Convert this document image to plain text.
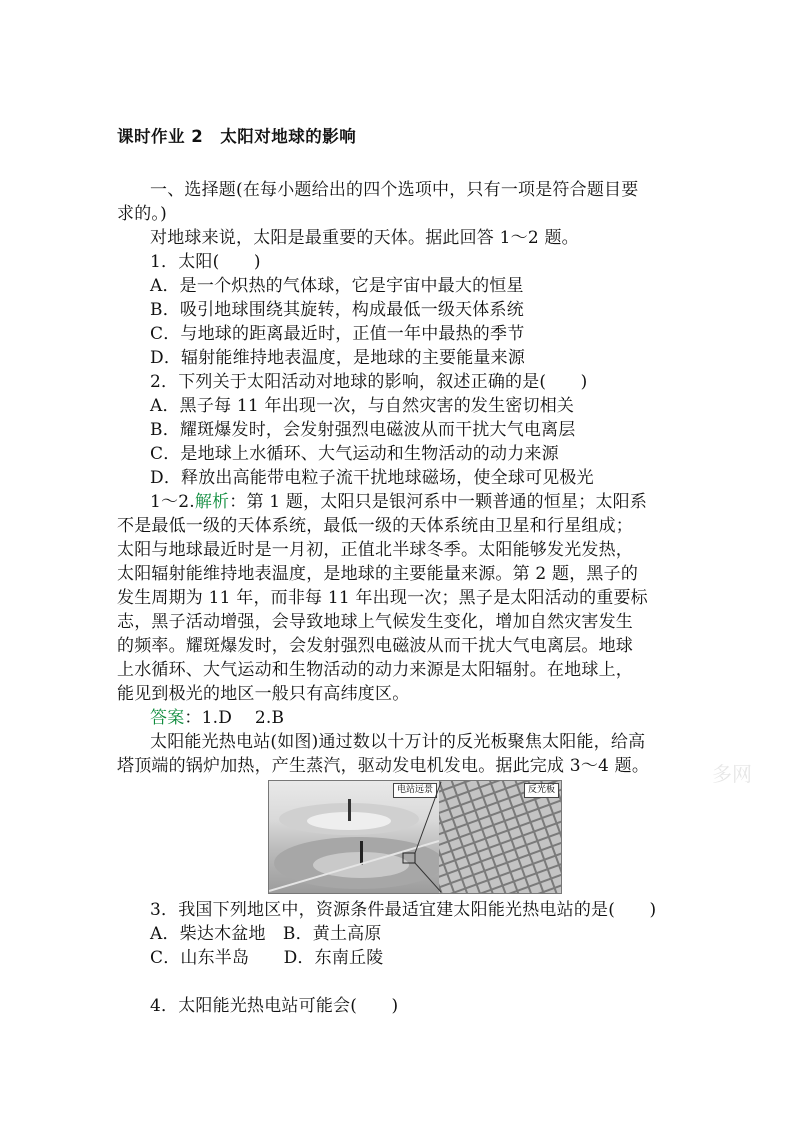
课时作业 2　太阳对地球的影响
一、选择题(在每小题给出的四个选项中，只有一项是符合题目要
求的。)
对地球来说，太阳是最重要的天体。据此回答 1～2 题。
1．太阳(　　)
A．是一个炽热的气体球，它是宇宙中最大的恒星
B．吸引地球围绕其旋转，构成最低一级天体系统
C．与地球的距离最近时，正值一年中最热的季节
D．辐射能维持地表温度，是地球的主要能量来源
2．下列关于太阳活动对地球的影响，叙述正确的是(　　)
A．黑子每 11 年出现一次，与自然灾害的发生密切相关
B．耀斑爆发时，会发射强烈电磁波从而干扰大气电离层
C．是地球上水循环、大气运动和生物活动的动力来源
D．释放出高能带电粒子流干扰地球磁场，使全球可见极光
1～2.解析：第 1 题，太阳只是银河系中一颗普通的恒星；太阳系
不是最低一级的天体系统，最低一级的天体系统由卫星和行星组成；
太阳与地球最近时是一月初，正值北半球冬季。太阳能够发光发热，
太阳辐射能维持地表温度，是地球的主要能量来源。第 2 题，黑子的
发生周期为 11 年，而非每 11 年出现一次；黑子是太阳活动的重要标
志，黑子活动增强，会导致地球上气候发生变化，增加自然灾害发生
的频率。耀斑爆发时，会发射强烈电磁波从而干扰大气电离层。地球
上水循环、大气运动和生物活动的动力来源是太阳辐射。在地球上，
能见到极光的地区一般只有高纬度区。
答案：1.D　 2.B
太阳能光热电站(如图)通过数以十万计的反光板聚焦太阳能，给高
塔顶端的锅炉加热，产生蒸汽，驱动发电机发电。据此完成 3～4 题。	多网
电站远景	反光板
3．我国下列地区中，资源条件最适宜建太阳能光热电站的是(　　)
A．柴达木盆地　B．黄土高原
C．山东半岛　　D．东南丘陵
4．太阳能光热电站可能会(　　)
